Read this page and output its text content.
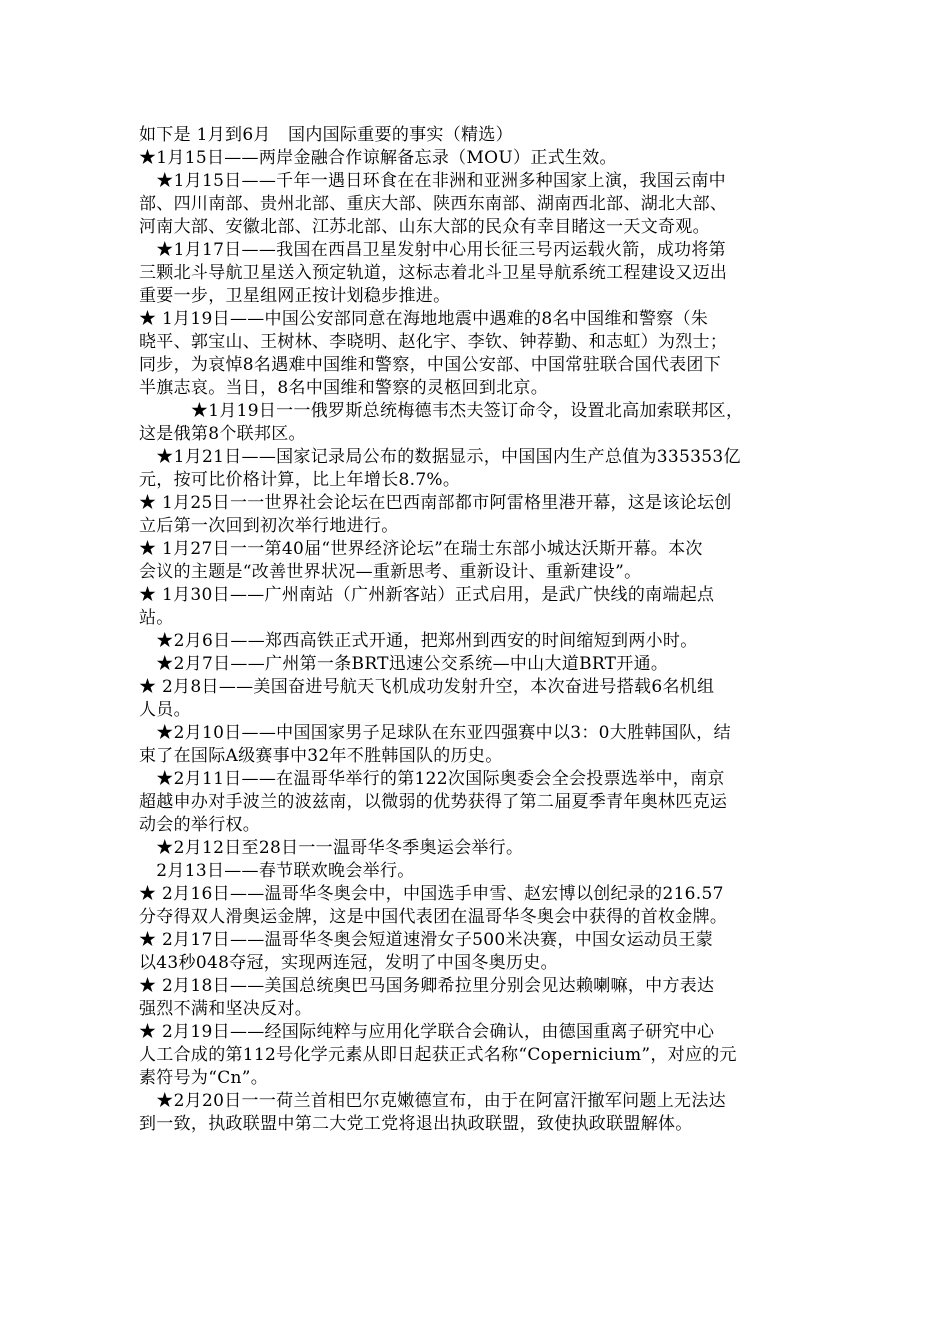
如下是 1月到6月　国内国际重要的事实（精选）
★1月15日——两岸金融合作谅解备忘录（MOU）正式生效。
　★1月15日——千年一遇日环食在在非洲和亚洲多种国家上演，我国云南中
部、四川南部、贵州北部、重庆大部、陕西东南部、湖南西北部、湖北大部、
河南大部、安徽北部、江苏北部、山东大部的民众有幸目睹这一天文奇观。
　★1月17日——我国在西昌卫星发射中心用长征三号丙运载火箭，成功将第
三颗北斗导航卫星送入预定轨道，这标志着北斗卫星导航系统工程建设又迈出
重要一步，卫星组网正按计划稳步推进。
★ 1月19日——中国公安部同意在海地地震中遇难的8名中国维和警察（朱
晓平、郭宝山、王树林、李晓明、赵化宇、李钦、钟荐勤、和志虹）为烈士；
同步，为哀悼8名遇难中国维和警察，中国公安部、中国常驻联合国代表团下
半旗志哀。当日，8名中国维和警察的灵柩回到北京。
　　　★1月19日一一俄罗斯总统梅德韦杰夫签订命令，设置北高加索联邦区，
这是俄第8个联邦区。
　★1月21日——国家记录局公布的数据显示，中国国内生产总值为335353亿
元，按可比价格计算，比上年增长8.7%。
★ 1月25日一一世界社会论坛在巴西南部都市阿雷格里港开幕，这是该论坛创
立后第一次回到初次举行地进行。
★ 1月27日一一第40届“世界经济论坛”在瑞士东部小城达沃斯开幕。本次
会议的主题是“改善世界状况—重新思考、重新设计、重新建设”。
★ 1月30日——广州南站（广州新客站）正式启用，是武广快线的南端起点
站。
　★2月6日——郑西高铁正式开通，把郑州到西安的时间缩短到两小时。
　★2月7日——广州第一条BRT迅速公交系统—中山大道BRT开通。
★ 2月8日——美国奋进号航天飞机成功发射升空，本次奋进号搭载6名机组
人员。
　★2月10日——中国国家男子足球队在东亚四强赛中以3：0大胜韩国队，结
束了在国际A级赛事中32年不胜韩国队的历史。
　★2月11日——在温哥华举行的第122次国际奥委会全会投票选举中，南京
超越申办对手波兰的波兹南，以微弱的优势获得了第二届夏季青年奥林匹克运
动会的举行权。
　★2月12日至28日一一温哥华冬季奥运会举行。
　2月13日——春节联欢晚会举行。
★ 2月16日——温哥华冬奥会中，中国选手申雪、赵宏博以创纪录的216.57
分夺得双人滑奥运金牌，这是中国代表团在温哥华冬奥会中获得的首枚金牌。
★ 2月17日——温哥华冬奥会短道速滑女子500米决赛，中国女运动员王蒙
以43秒048夺冠，实现两连冠，发明了中国冬奥历史。
★ 2月18日——美国总统奥巴马国务卿希拉里分别会见达赖喇嘛，中方表达
强烈不满和坚决反对。
★ 2月19日——经国际纯粹与应用化学联合会确认，由德国重离子研究中心
人工合成的第112号化学元素从即日起获正式名称“Copernicium”，对应的元
素符号为“Cn”。
　★2月20日一一荷兰首相巴尔克嫩德宣布，由于在阿富汗撤军问题上无法达
到一致，执政联盟中第二大党工党将退出执政联盟，致使执政联盟解体。
